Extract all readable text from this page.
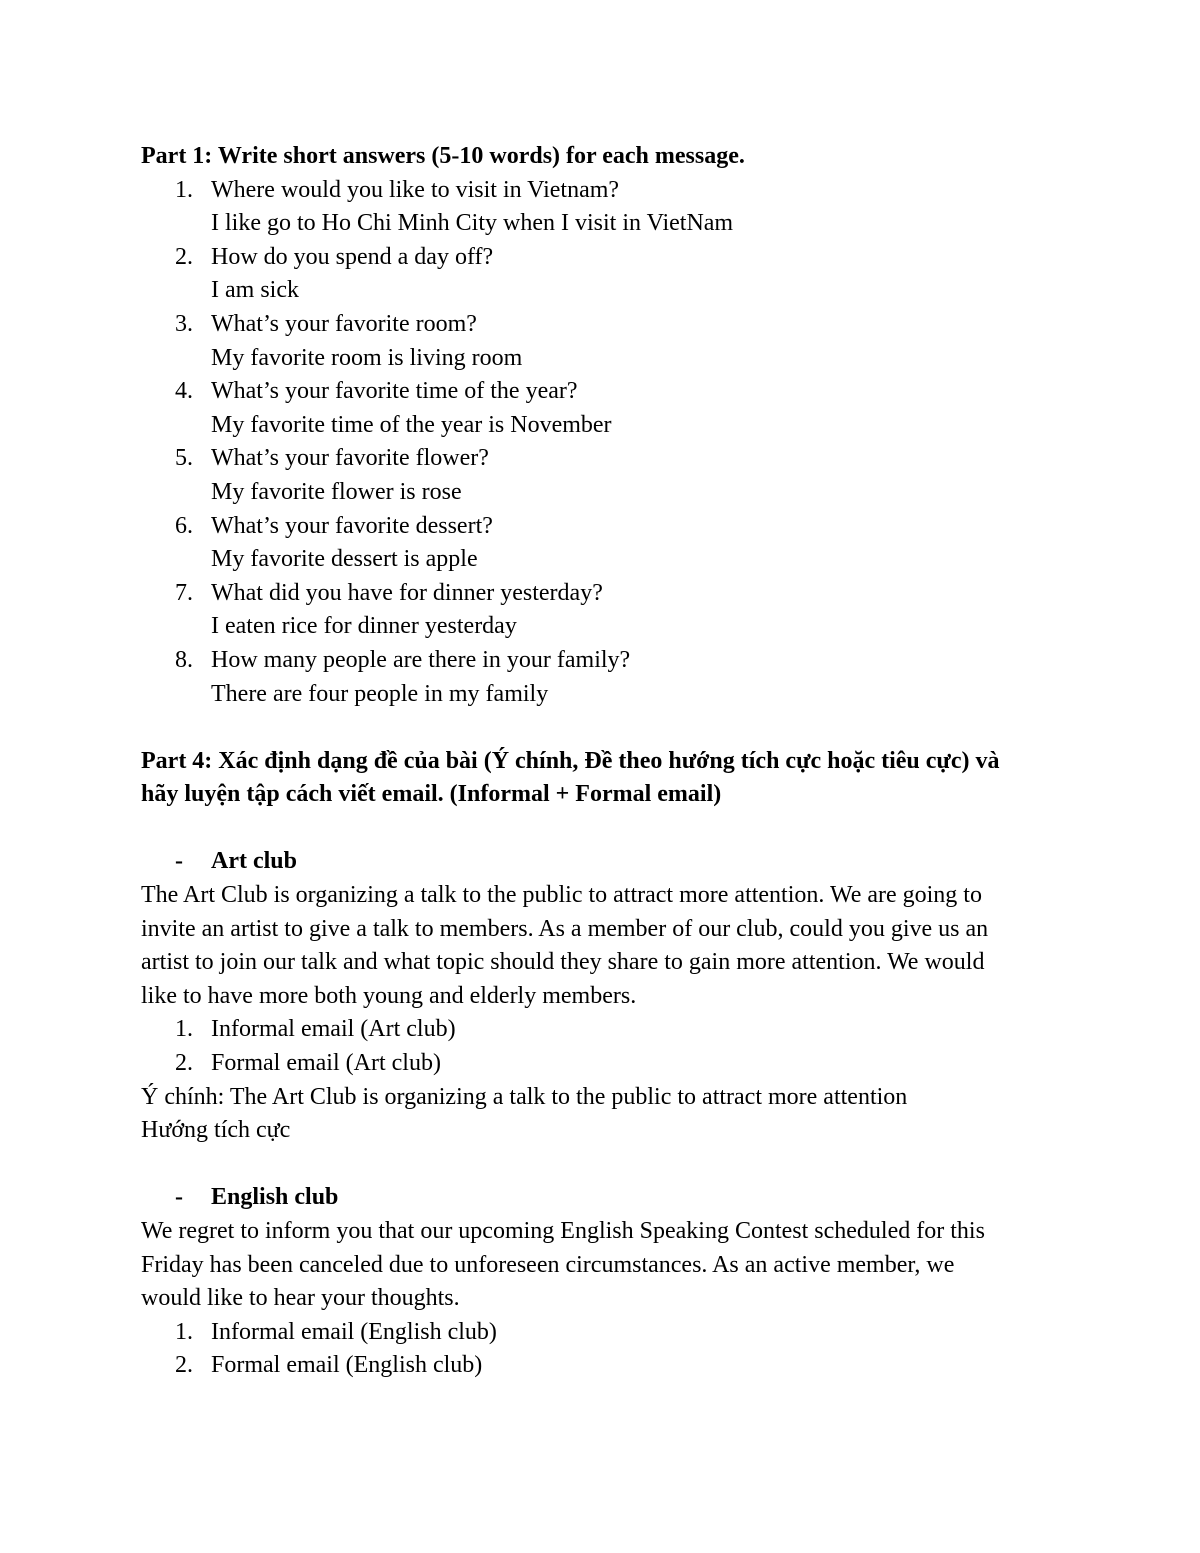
Part 1: Write short answers (5-10 words) for each message.
1. Where would you like to visit in Vietnam?
I like go to Ho Chi Minh City when I visit in VietNam
2. How do you spend a day off?
I am sick
3. What’s your favorite room?
My favorite room is living room
4. What’s your favorite time of the year?
My favorite time of the year is November
5. What’s your favorite flower?
My favorite flower is rose
6. What’s your favorite dessert?
My favorite dessert is apple
7. What did you have for dinner yesterday?
I eaten rice for dinner yesterday
8. How many people are there in your family?
There are four people in my family
Part 4: Xác định dạng đề của bài (Ý chính, Đề theo hướng tích cực hoặc tiêu cực) và
hãy luyện tập cách viết email. (Informal + Formal email)
- Art club
The Art Club is organizing a talk to the public to attract more attention. We are going to
invite an artist to give a talk to members. As a member of our club, could you give us an
artist to join our talk and what topic should they share to gain more attention. We would
like to have more both young and elderly members.
1. Informal email (Art club)
2. Formal email (Art club)
Ý chính: The Art Club is organizing a talk to the public to attract more attention
Hướng tích cực
- English club
We regret to inform you that our upcoming English Speaking Contest scheduled for this
Friday has been canceled due to unforeseen circumstances. As an active member, we
would like to hear your thoughts.
1. Informal email (English club)
2. Formal email (English club)
